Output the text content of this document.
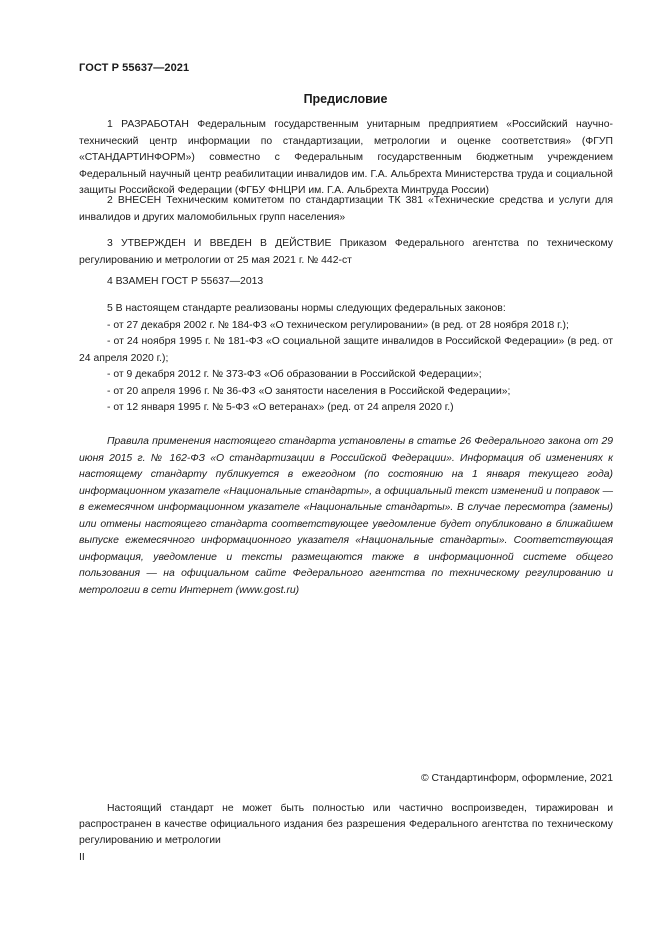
ГОСТ Р 55637—2021
Предисловие

1 РАЗРАБОТАН Федеральным государственным унитарным предприятием «Российский научно-технический центр информации по стандартизации, метрологии и оценке соответствия» (ФГУП «СТАНДАРТИНФОРМ») совместно с Федеральным государственным бюджетным учреждением Федеральный научный центр реабилитации инвалидов им. Г.А. Альбрехта Министерства труда и социальной защиты Российской Федерации (ФГБУ ФНЦРИ им. Г.А. Альбрехта Минтруда России)

2 ВНЕСЕН Техническим комитетом по стандартизации ТК 381 «Технические средства и услуги для инвалидов и других маломобильных групп населения»

3 УТВЕРЖДЕН И ВВЕДЕН В ДЕЙСТВИЕ Приказом Федерального агентства по техническому регулированию и метрологии от 25 мая 2021 г. № 442-ст

4 ВЗАМЕН ГОСТ Р 55637—2013

5 В настоящем стандарте реализованы нормы следующих федеральных законов:

- от 27 декабря 2002 г. № 184-ФЗ «О техническом регулировании» (в ред. от 28 ноября 2018 г.);
- от 24 ноября 1995 г. № 181-ФЗ «О социальной защите инвалидов в Российской Федерации» (в ред. от 24 апреля 2020 г.);
- от 9 декабря 2012 г. № 373-ФЗ «Об образовании в Российской Федерации»;
- от 20 апреля 1996 г. № 36-ФЗ «О занятости населения в Российской Федерации»;
- от 12 января 1995 г. № 5-ФЗ «О ветеранах» (ред. от 24 апреля 2020 г.)

Правила применения настоящего стандарта установлены в статье 26 Федерального закона от 29 июня 2015 г. № 162-ФЗ «О стандартизации в Российской Федерации». Информация об изменениях к настоящему стандарту публикуется в ежегодном (по состоянию на 1 января текущего года) информационном указателе «Национальные стандарты», а официальный текст изменений и поправок — в ежемесячном информационном указателе «Национальные стандарты». В случае пересмотра (замены) или отмены настоящего стандарта соответствующее уведомление будет опубликовано в ближайшем выпуске ежемесячного информационного указателя «Национальные стандарты». Соответствующая информация, уведомление и тексты размещаются также в информационной системе общего пользования — на официальном сайте Федерального агентства по техническому регулированию и метрологии в сети Интернет (www.gost.ru)

© Стандартинформ, оформление, 2021

Настоящий стандарт не может быть полностью или частично воспроизведен, тиражирован и распространен в качестве официального издания без разрешения Федерального агентства по техническому регулированию и метрологии

II
